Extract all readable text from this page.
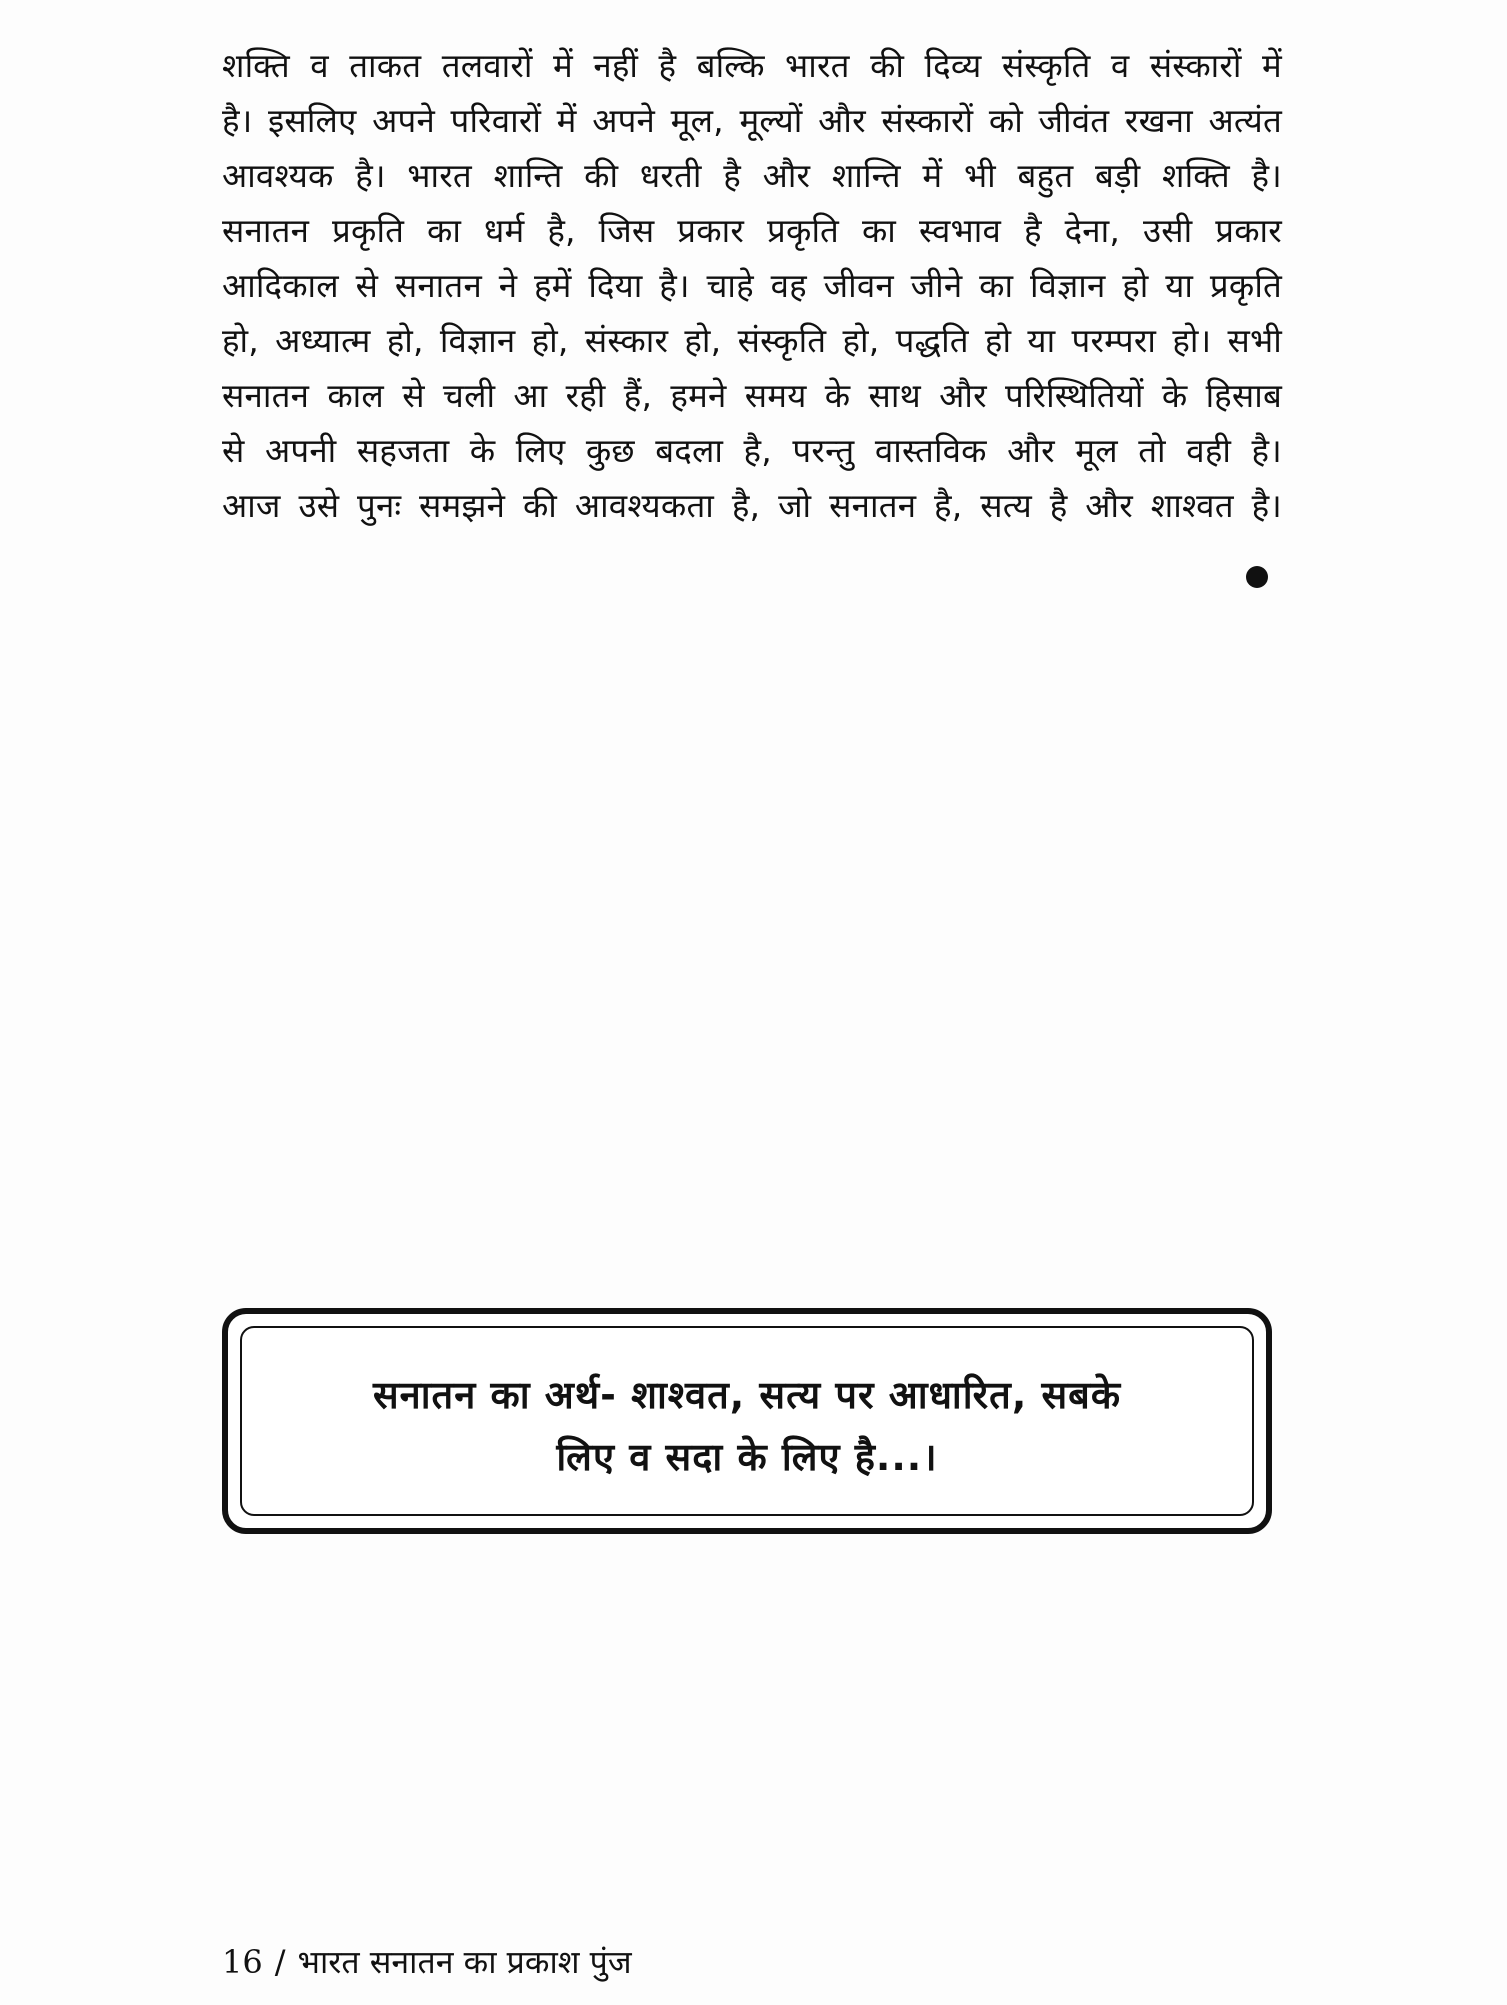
शक्ति व ताकत तलवारों में नहीं है बल्कि भारत की दिव्य संस्कृति व संस्कारों में
है। इसलिए अपने परिवारों में अपने मूल, मूल्यों और संस्कारों को जीवंत रखना अत्यंत
आवश्यक है। भारत शान्ति की धरती है और शान्ति में भी बहुत बड़ी शक्ति है।
सनातन प्रकृति का धर्म है, जिस प्रकार प्रकृति का स्वभाव है देना, उसी प्रकार
आदिकाल से सनातन ने हमें दिया है। चाहे वह जीवन जीने का विज्ञान हो या प्रकृति
हो, अध्यात्म हो, विज्ञान हो, संस्कार हो, संस्कृति हो, पद्धति हो या परम्परा हो। सभी
सनातन काल से चली आ रही हैं, हमने समय के साथ और परिस्थितियों के हिसाब
से अपनी सहजता के लिए कुछ बदला है, परन्तु वास्तविक और मूल तो वही है।
आज उसे पुनः समझने की आवश्यकता है, जो सनातन है, सत्य है और शाश्वत है।
सनातन का अर्थ- शाश्वत, सत्य पर आधारित, सबके
लिए व सदा के लिए है...।
16 / भारत सनातन का प्रकाश पुंज
